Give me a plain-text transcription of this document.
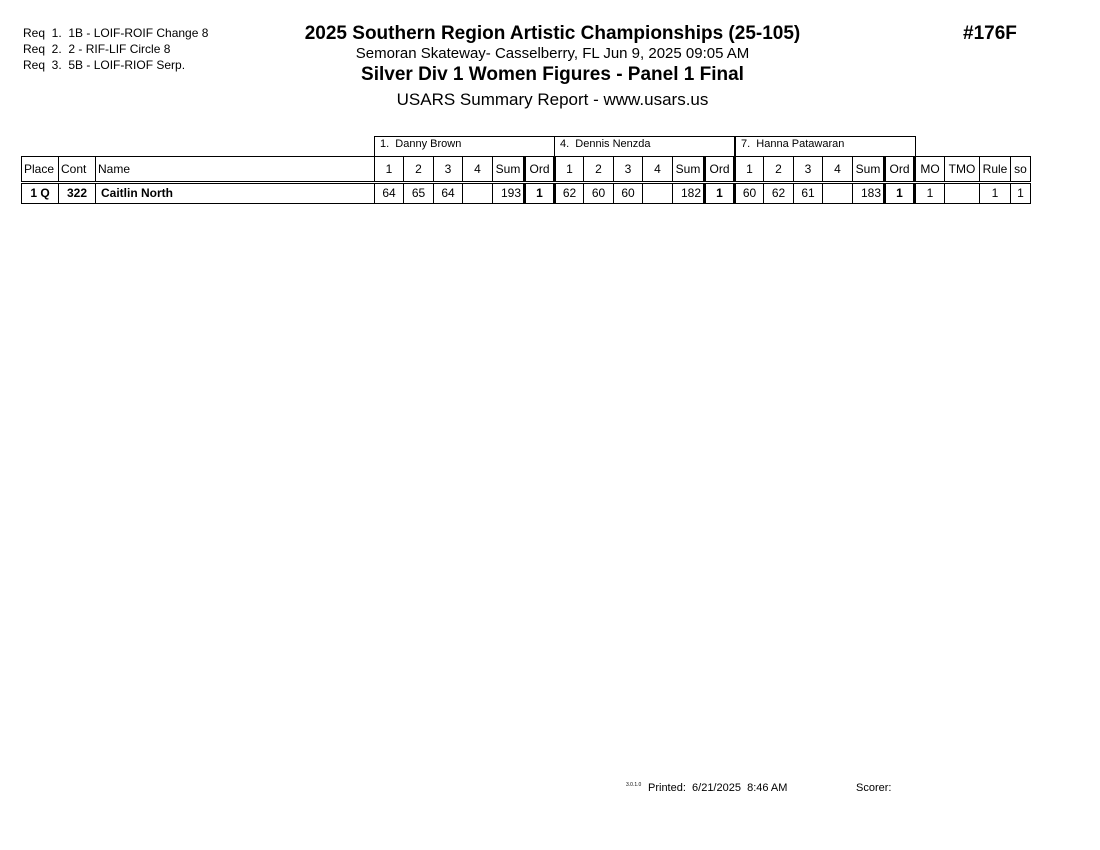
Req  1.  1B - LOIF-ROIF Change 8
Req  2.  2 - RIF-LIF Circle 8
Req  3.  5B - LOIF-RIOF Serp.
2025 Southern Region Artistic Championships (25-105)
Semoran Skateway- Casselberry, FL Jun 9, 2025 09:05 AM
Silver Div 1 Women Figures - Panel 1 Final
USARS Summary Report - www.usars.us
#176F
1.  Danny Brown	4.  Dennis Nenzda	7.  Hanna Patawaran
Place	Cont	Name	1	2	3	4	Sum	Ord	1	2	3	4	Sum	Ord	1	2	3	4	Sum	Ord	MO	TMO	Rule	so
1 Q	322	Caitlin North	64	65	64		193	1	62	60	60		182	1	60	62	61		183	1	1		1	1
3.0.1.0 Printed:  6/21/2025  8:46 AM	Scorer:
